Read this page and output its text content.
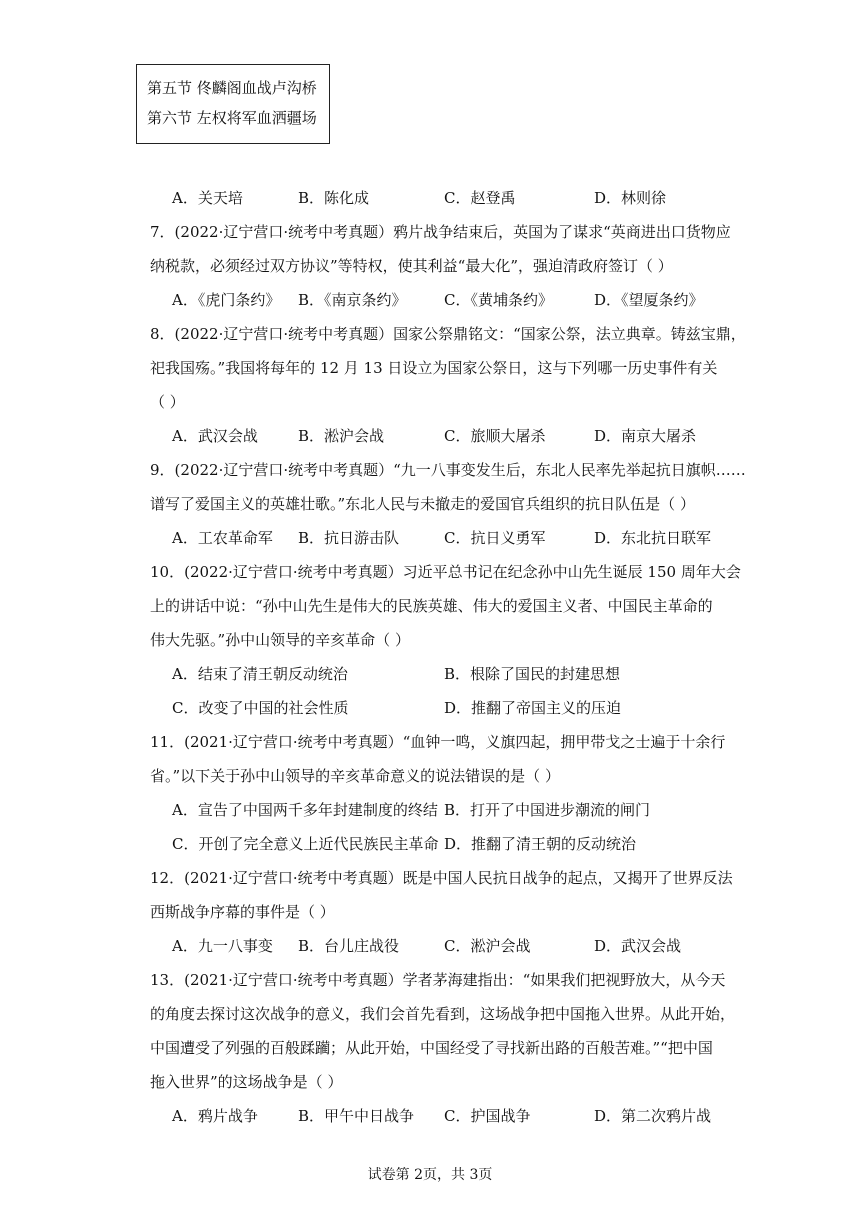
第五节 佟麟阁血战卢沟桥
第六节 左权将军血洒疆场
A．关天培	B．陈化成	C．赵登禹	D．林则徐
7．(2022·辽宁营口·统考中考真题）鸦片战争结束后，英国为了谋求“英商进出口货物应
纳税款，必须经过双方协议”等特权，使其利益“最大化”，强迫清政府签订（ ）
A．《虎门条约》 B．《南京条约》 C．《黄埔条约》	D．《望厦条约》
8．(2022·辽宁营口·统考中考真题）国家公祭鼎铭文：“国家公祭，法立典章。铸兹宝鼎，
祀我国殇。”我国将每年的 12 月 13 日设立为国家公祭日，这与下列哪一历史事件有关
（ ）
A．武汉会战	B．淞沪会战	C．旅顺大屠杀	D．南京大屠杀
9．(2022·辽宁营口·统考中考真题）“九一八事变发生后，东北人民率先举起抗日旗帜……
谱写了爱国主义的英雄壮歌。”东北人民与未撤走的爱国官兵组织的抗日队伍是（ ）
A．工农革命军 B．抗日游击队	C．抗日义勇军	D．东北抗日联军
10．(2022·辽宁营口·统考中考真题）习近平总书记在纪念孙中山先生诞辰 150 周年大会
上的讲话中说：“孙中山先生是伟大的民族英雄、伟大的爱国主义者、中国民主革命的
伟大先驱。”孙中山领导的辛亥革命（ ）
A．结束了清王朝反动统治	B．根除了国民的封建思想
C．改变了中国的社会性质	D．推翻了帝国主义的压迫
11．(2021·辽宁营口·统考中考真题）“血钟一鸣，义旗四起，拥甲带戈之士遍于十余行
省。”以下关于孙中山领导的辛亥革命意义的说法错误的是（ ）
A．宣告了中国两千多年封建制度的终结 B．打开了中国进步潮流的闸门
C．开创了完全意义上近代民族民主革命 D．推翻了清王朝的反动统治
12．(2021·辽宁营口·统考中考真题）既是中国人民抗日战争的起点，又揭开了世界反法
西斯战争序幕的事件是（ ）
A．九一八事变 B．台儿庄战役	C．淞沪会战	D．武汉会战
13．(2021·辽宁营口·统考中考真题）学者茅海建指出：“如果我们把视野放大，从今天
的角度去探讨这次战争的意义，我们会首先看到，这场战争把中国拖入世界。从此开始，
中国遭受了列强的百般蹂躏；从此开始，中国经受了寻找新出路的百般苦难。”“把中国
拖入世界”的这场战争是（ ）
A．鸦片战争	B．甲午中日战争 C．护国战争	D．第二次鸦片战
试卷第 2页，共 3页
